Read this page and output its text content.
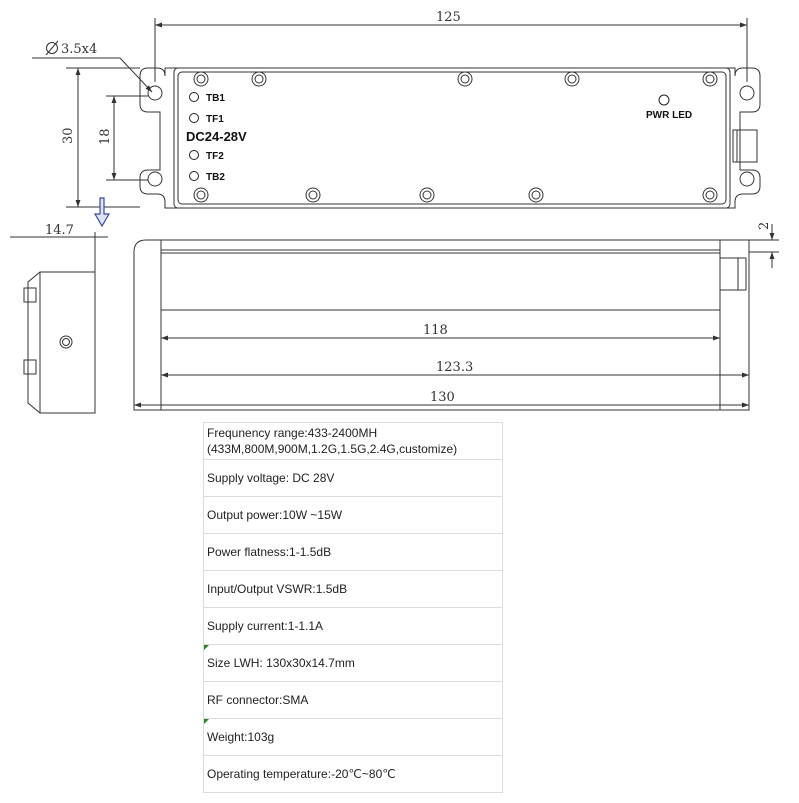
TB1
TF1
DC24-28V
TF2
TB2
PWR LED
125
3.5x4
30 18
14.7	2
118
123.3
130
Frequnency range:433-2400MH
(433M,800M,900M,1.2G,1.5G,2.4G,customize)

Supply voltage: DC 28V
Output power:10W ~15W
Power flatness:1-1.5dB
Input/Output VSWR:1.5dB
Supply current:1-1.1A

Size LWH: 130x30x14.7mm
RF connector:SMA

Weight:103g
Operating temperature:-20℃~80℃
